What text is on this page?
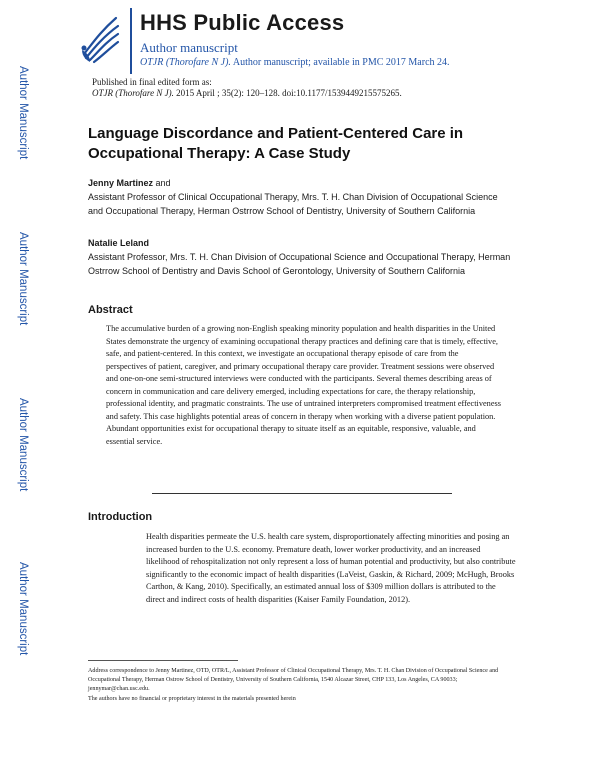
HHS Public Access
Author manuscript
OTJR (Thorofare N J). Author manuscript; available in PMC 2017 March 24.
Author Manuscript
Author Manuscript
Author Manuscript
Author Manuscript
Published in final edited form as:
OTJR (Thorofare N J). 2015 April ; 35(2): 120–128. doi:10.1177/1539449215575265.
Language Discordance and Patient-Centered Care in Occupational Therapy: A Case Study
Jenny Martinez and
Assistant Professor of Clinical Occupational Therapy, Mrs. T. H. Chan Division of Occupational Science and Occupational Therapy, Herman Ostrrow School of Dentistry, University of Southern California
Natalie Leland
Assistant Professor, Mrs. T. H. Chan Division of Occupational Science and Occupational Therapy, Herman Ostrrow School of Dentistry and Davis School of Gerontology, University of Southern California
Abstract
The accumulative burden of a growing non-English speaking minority population and health disparities in the United States demonstrate the urgency of examining occupational therapy practices and defining care that is timely, effective, safe, and patient-centered. In this context, we investigate an occupational therapy episode of care from the perspectives of patient, caregiver, and primary occupational therapy care provider. Treatment sessions were observed and one-on-one semi-structured interviews were conducted with the participants. Several themes describing areas of concern in communication and care delivery emerged, including expectations for care, the therapy relationship, professional identity, and pragmatic constraints. The use of untrained interpreters compromised treatment effectiveness and safety. This case highlights potential areas of concern in therapy when working with a diverse patient population. Abundant opportunities exist for occupational therapy to situate itself as an equitable, responsive, valuable, and essential service.
Introduction
Health disparities permeate the U.S. health care system, disproportionately affecting minorities and posing an increased burden to the U.S. economy. Premature death, lower worker productivity, and an increased likelihood of rehospitalization not only represent a loss of human potential and productivity, but also contribute significantly to the economic impact of health disparities (LaVeist, Gaskin, & Richard, 2009; McHugh, Brooks Carthon, & Kang, 2010). Specifically, an estimated annual loss of $309 million dollars is attributed to the direct and indirect costs of health disparities (Kaiser Family Foundation, 2012).
Address correspondence to Jenny Martinez, OTD, OTR/L, Assistant Professor of Clinical Occupational Therapy, Mrs. T. H. Chan Division of Occupational Science and Occupational Therapy, Herman Ostrow School of Dentistry, University of Southern California, 1540 Alcazar Street, CHP 133, Los Angeles, CA 90033; jennymar@chan.usc.edu.
The authors have no financial or proprietary interest in the materials presented herein
